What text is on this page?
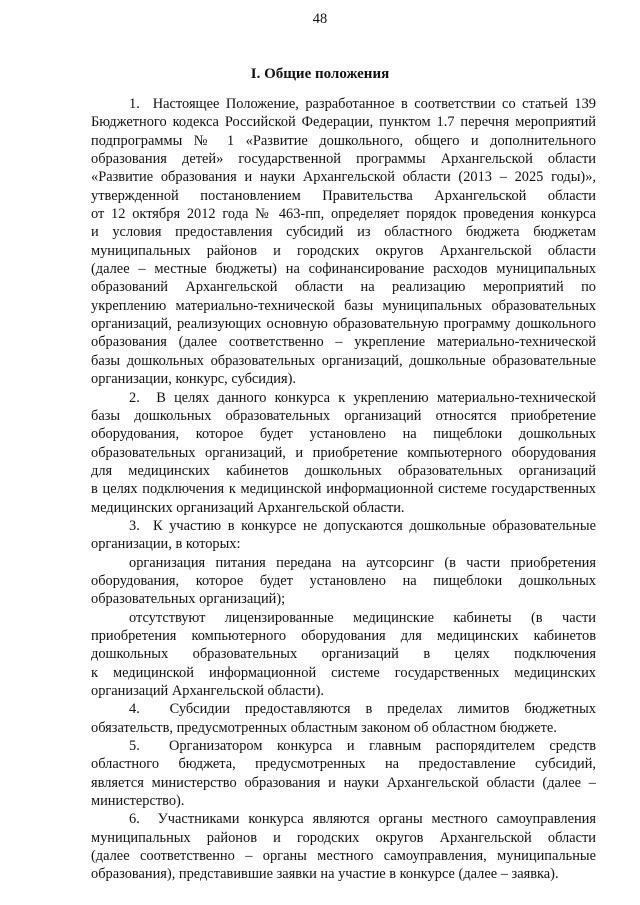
48
I. Общие положения
1.  Настоящее Положение, разработанное в соответствии со статьей 139
Бюджетного кодекса Российской Федерации, пунктом 1.7 перечня мероприятий
подпрограммы № 1 «Развитие дошкольного, общего и дополнительного
образования детей» государственной программы Архангельской области
«Развитие образования и науки Архангельской области (2013 – 2025 годы)»,
утвержденной постановлением Правительства Архангельской области
от 12 октября 2012 года № 463-пп, определяет порядок проведения конкурса
и условия предоставления субсидий из областного бюджета бюджетам
муниципальных районов и городских округов Архангельской области
(далее – местные бюджеты) на софинансирование расходов муниципальных
образований Архангельской области на реализацию мероприятий по
укреплению материально-технической базы муниципальных образовательных
организаций, реализующих основную образовательную программу дошкольного
образования (далее соответственно – укрепление материально-технической
базы дошкольных образовательных организаций, дошкольные образовательные
организации, конкурс, субсидия).
2.  В целях данного конкурса к укреплению материально-технической
базы дошкольных образовательных организаций относятся приобретение
оборудования, которое будет установлено на пищеблоки дошкольных
образовательных организаций, и приобретение компьютерного оборудования
для медицинских кабинетов дошкольных образовательных организаций
в целях подключения к медицинской информационной системе государственных
медицинских организаций Архангельской области.
3.  К участию в конкурсе не допускаются дошкольные образовательные
организации, в которых:
организация питания передана на аутсорсинг (в части приобретения
оборудования, которое будет установлено на пищеблоки дошкольных
образовательных организаций);
отсутствуют лицензированные медицинские кабинеты (в части
приобретения компьютерного оборудования для медицинских кабинетов
дошкольных образовательных организаций в целях подключения
к медицинской информационной системе государственных медицинских
организаций Архангельской области).
4.  Субсидии предоставляются в пределах лимитов бюджетных
обязательств, предусмотренных областным законом об областном бюджете.
5.  Организатором конкурса и главным распорядителем средств
областного бюджета, предусмотренных на предоставление субсидий,
является министерство образования и науки Архангельской области (далее –
министерство).
6.  Участниками конкурса являются органы местного самоуправления
муниципальных районов и городских округов Архангельской области
(далее соответственно – органы местного самоуправления, муниципальные
образования), представившие заявки на участие в конкурсе (далее – заявка).
